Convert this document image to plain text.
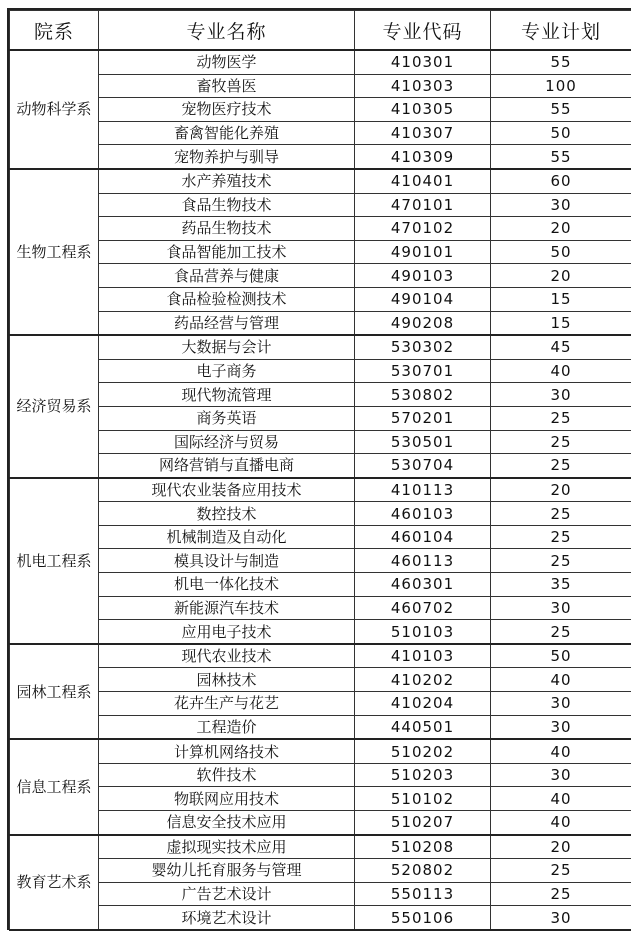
院系	专业名称	专业代码	专业计划
动物科学系	动物医学	410301	55
	畜牧兽医	410303	100
	宠物医疗技术	410305	55
	畜禽智能化养殖	410307	50
	宠物养护与驯导	410309	55
生物工程系	水产养殖技术	410401	60
	食品生物技术	470101	30
	药品生物技术	470102	20
	食品智能加工技术	490101	50
	食品营养与健康	490103	20
	食品检验检测技术	490104	15
	药品经营与管理	490208	15
经济贸易系	大数据与会计	530302	45
	电子商务	530701	40
	现代物流管理	530802	30
	商务英语	570201	25
	国际经济与贸易	530501	25
	网络营销与直播电商	530704	25
机电工程系	现代农业装备应用技术	410113	20
	数控技术	460103	25
	机械制造及自动化	460104	25
	模具设计与制造	460113	25
	机电一体化技术	460301	35
	新能源汽车技术	460702	30
	应用电子技术	510103	25
园林工程系	现代农业技术	410103	50
	园林技术	410202	40
	花卉生产与花艺	410204	30
	工程造价	440501	30
信息工程系	计算机网络技术	510202	40
	软件技术	510203	30
	物联网应用技术	510102	40
	信息安全技术应用	510207	40
教育艺术系	虚拟现实技术应用	510208	20
	婴幼儿托育服务与管理	520802	25
	广告艺术设计	550113	25
	环境艺术设计	550106	30
